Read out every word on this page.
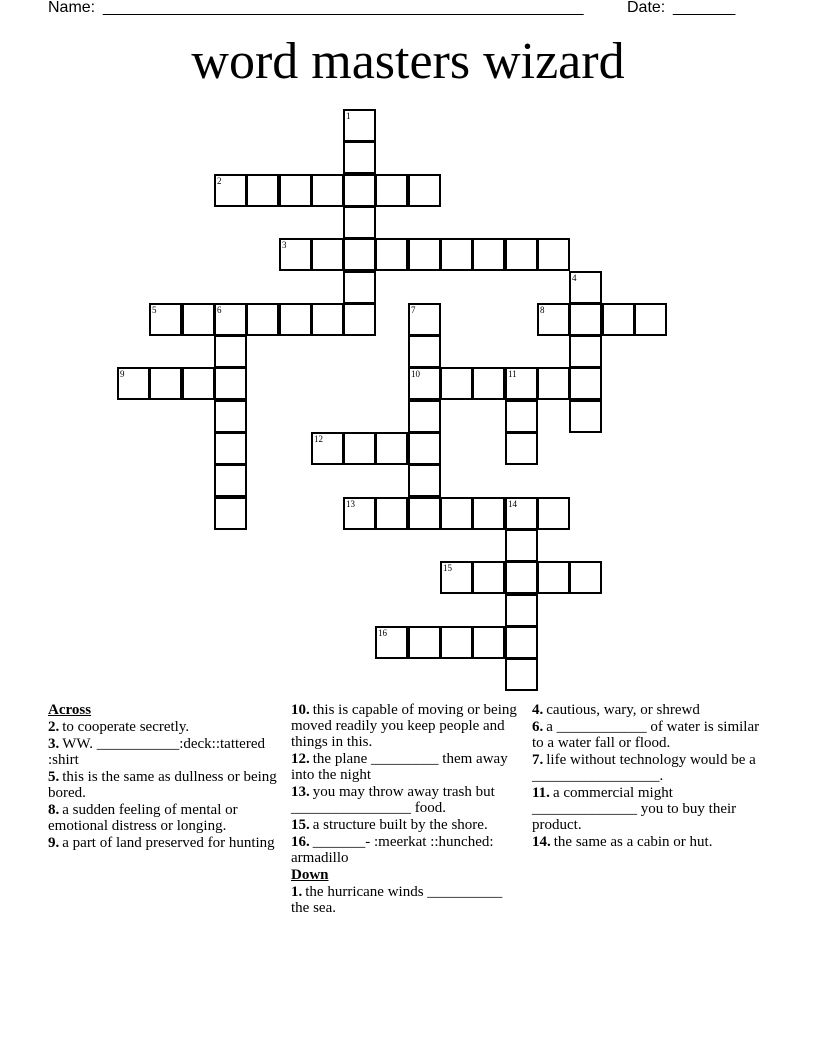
Name: ______________________________________________________	Date: _______
word masters wizard
1
2
3
4
5	6	7
10
8
9	11
12
13	14
15
16
Across
2. to cooperate secretly.
3. WW. ___________:deck::tattered :shirt
5. this is the same as dullness or being bored.
8. a sudden feeling of mental or emotional distress or longing.
9. a part of land preserved for hunting
10. this is capable of moving or being moved readily you keep people and things in this.
12. the plane _________ them away into the night
13. you may throw away trash but ________________ food.
15. a structure built by the shore.
16. _______- :meerkat ::hunched: armadillo
Down
1. the hurricane winds __________ the sea.
4. cautious, wary, or shrewd
6. a ____________ of water is similar to a water fall or flood.
7. life without technology would be a _________________.
11. a commercial might ______________ you to buy their product.
14. the same as a cabin or hut.
